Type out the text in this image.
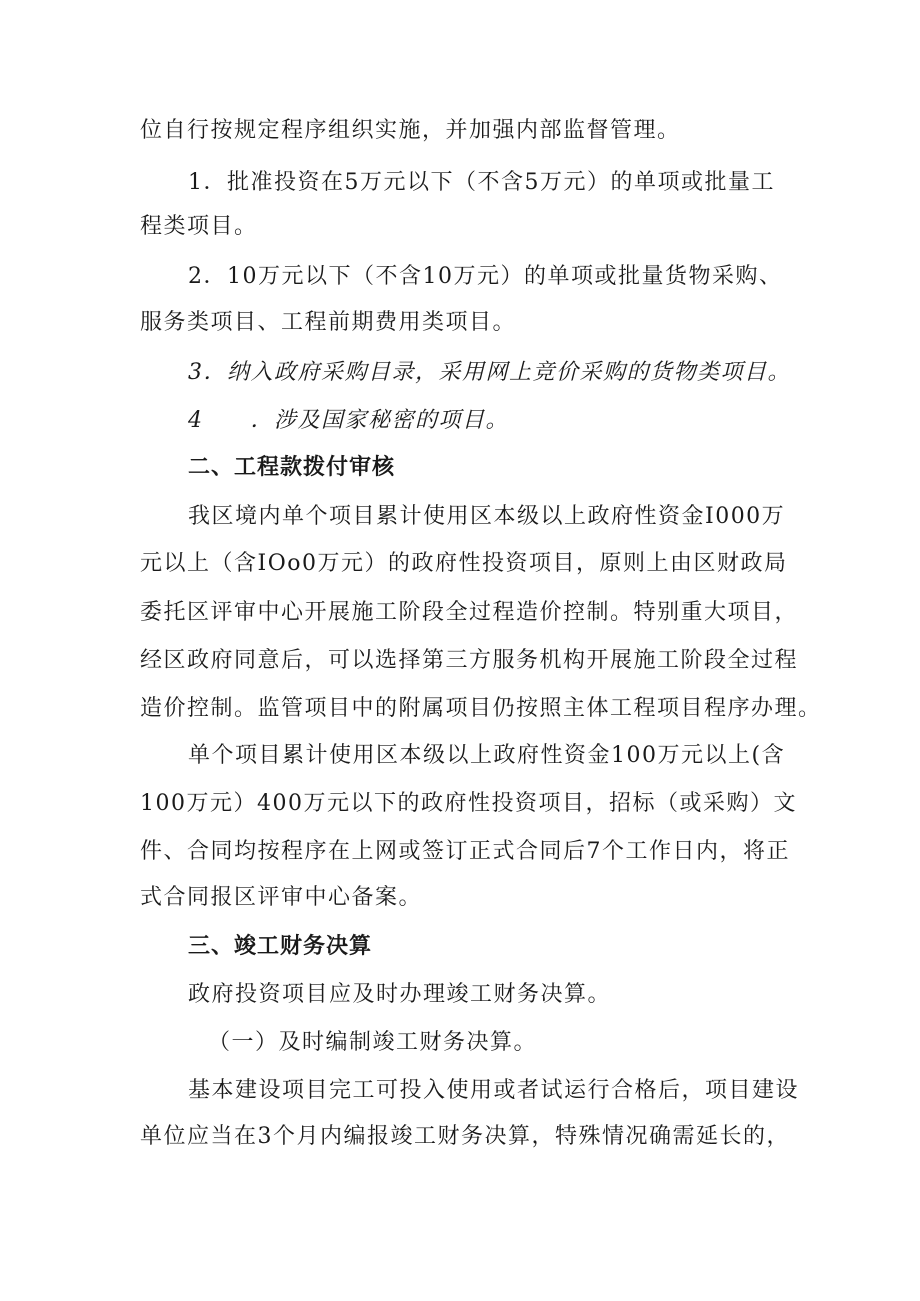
位自行按规定程序组织实施，并加强内部监督管理。

1．批准投资在5万元以下（不含5万元）的单项或批量工

程类项目。

2．10万元以下（不含10万元）的单项或批量货物采购、

服务类项目、工程前期费用类项目。

3．纳入政府采购目录，采用网上竞价采购的货物类项目。

4　　．涉及国家秘密的项目。

二、工程款拨付审核

我区境内单个项目累计使用区本级以上政府性资金I000万

元以上（含IOo0万元）的政府性投资项目，原则上由区财政局

委托区评审中心开展施工阶段全过程造价控制。特别重大项目，

经区政府同意后，可以选择第三方服务机构开展施工阶段全过程

造价控制。监管项目中的附属项目仍按照主体工程项目程序办理。

单个项目累计使用区本级以上政府性资金100万元以上(含

100万元）400万元以下的政府性投资项目，招标（或采购）文

件、合同均按程序在上网或签订正式合同后7个工作日内，将正

式合同报区评审中心备案。

三、竣工财务决算

政府投资项目应及时办理竣工财务决算。

（一）及时编制竣工财务决算。

基本建设项目完工可投入使用或者试运行合格后，项目建设

单位应当在3个月内编报竣工财务决算，特殊情况确需延长的，
